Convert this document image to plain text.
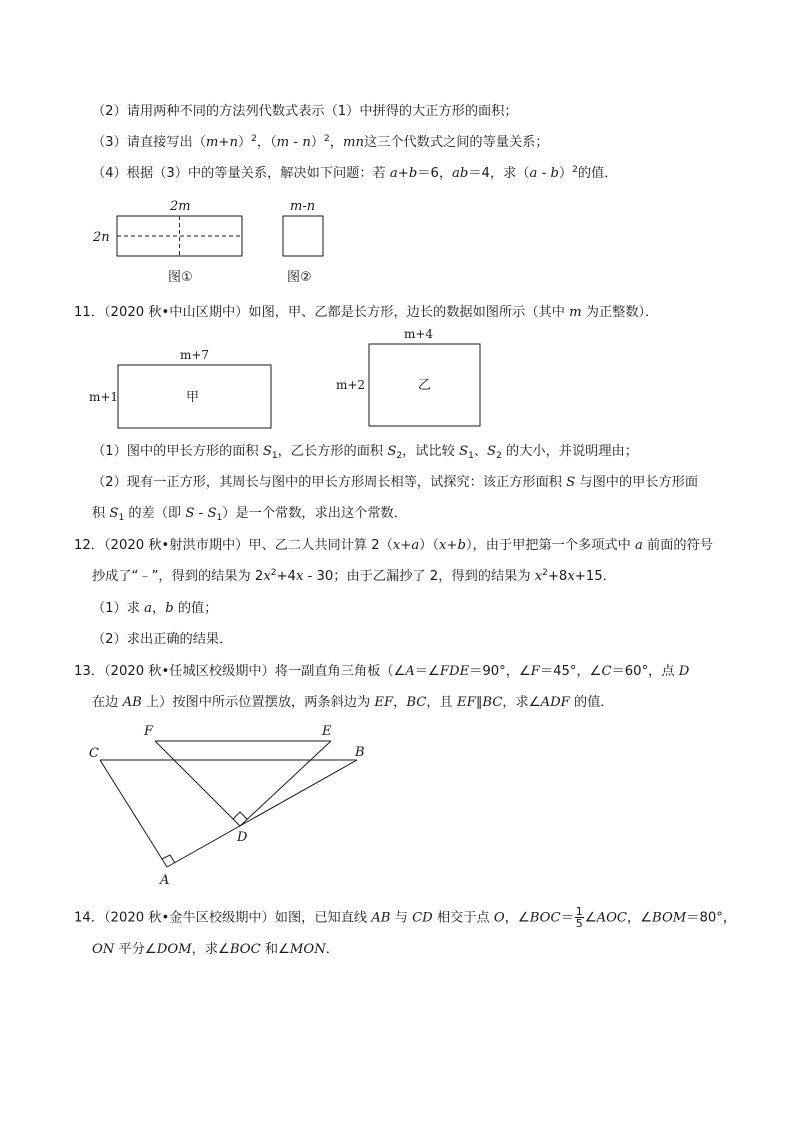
（2）请用两种不同的方法列代数式表示（1）中拼得的大正方形的面积；
（3）请直接写出$(m+n)^2$，（m - n）$^2$，mn这三个代数式之间的等量关系；
（4）根据（3）中的等量关系，解决如下问题：若 a+b＝6，ab＝4，求（a - b）$^2$的值．
2m
2n
图①
m-n
图②
11．（2020 秋•中山区期中）如图，甲、乙都是长方形，边长的数据如图所示（其中 m 为正整数）．
m+7
m+1	甲
m+4
m+2	乙
（1）图中的甲长方形的面积 $S_1$，乙长方形的面积 $S_2$，试比较 $S_1$、$S_2$ 的大小，并说明理由；
（2）现有一正方形，其周长与图中的甲长方形周长相等，试探究：该正方形面积 S 与图中的甲长方形面
积 $S_1$ 的差（即 S - $S_1$）是一个常数，求出这个常数．
12．（2020 秋•射洪市期中）甲、乙二人共同计算 2（x+a）（x+b），由于甲把第一个多项式中 a 前面的符号
抄成了“﹣”，得到的结果为 $2x^2+4x - 30$；由于乙漏抄了 2，得到的结果为 $x^2+8x+15$．
（1）求 a，b 的值；
（2）求出正确的结果．
13．（2020 秋•任城区校级期中）将一副直角三角板（∠A＝∠FDE＝90°，∠F＝45°，∠C＝60°，点 D
在边 AB 上）按图中所示位置摆放，两条斜边为 EF，BC，且 EF∥BC，求∠ADF 的值．
F	E
C	B
D
A
14．（2020 秋•金牛区校级期中）如图，已知直线 AB 与 CD 相交于点 O，∠BOC＝ $\frac{1}{5}$ ∠AOC，∠BOM＝80°，
ON 平分∠DOM，求∠BOC 和∠MON．
